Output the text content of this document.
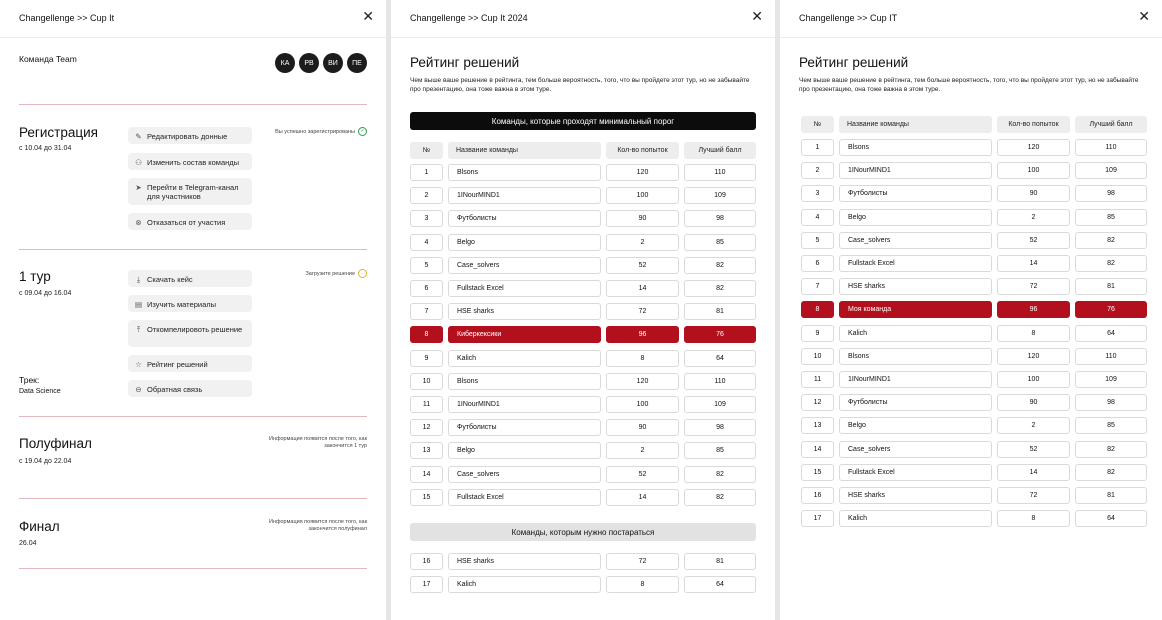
Changellenge >> Cup It	✕
Команда Team	КА	РВ	ВИ	ПЕ
Регистрация
с 10.04 до 31.04
Вы успешно зарегистрированы ✓
✎ Редактировать донные
⚇ Изменить состав команды
➤ Перейти в Telegram-канал для участников
⊗ Отказаться от участия
1 тур
с 09.04 до 16.04
Загрузите решение …
⤓ Скачать кейс
▤ Изучить материалы
⤒ Откомпелировоть решение
☆ Рейтинг решений
⊖ Обратная связь
Трек:
Data Science
Полуфинал
с 19.04 до 22.04
Информация появится после того, как закончится 1 тур
Финал
26.04
Информация появится после того, как закончится полуфинал
Changellenge >> Cup It 2024	✕
Рейтинг решений
Чем выше ваше решение в рейтинга, тем больше вероятность, того, что вы пройдете этот тур, но не забывайте про презентацию, она тоже важна в этом туре.
Команды, которые проходят минимальный порог
№	Название команды	Кол-во попыток	Лучший балл
1	Blsons	120	110
2	1INourMIND1	100	109
3	Футболисты	90	98
4	Belgo	2	85
5	Case_solvers	52	82
6	Fullstack Excel	14	82
7	HSE sharks	72	81
8	Киберкексики	96	76
9	Kalich	8	64
10	Blsons	120	110
11	1INourMIND1	100	109
12	Футболисты	90	98
13	Belgo	2	85
14	Case_solvers	52	82
15	Fullstack Excel	14	82
Команды, которым нужно постараться
16	HSE sharks	72	81
17	Kalich	8	64
Changellenge >> Cup IT	✕
Рейтинг решений
Чем выше ваше решение в рейтинга, тем больше вероятность, того, что вы пройдете этот тур, но не забывайте про презентацию, она тоже важна в этом туре.
№	Название команды	Кол-во попыток	Лучший балл
1	Blsons	120	110
2	1INourMIND1	100	109
3	Футболисты	90	98
4	Belgo	2	85
5	Case_solvers	52	82
6	Fullstack Excel	14	82
7	HSE sharks	72	81
8	Моя команда	96	76
9	Kalich	8	64
10	Blsons	120	110
11	1INourMIND1	100	109
12	Футболисты	90	98
13	Belgo	2	85
14	Case_solvers	52	82
15	Fullstack Excel	14	82
16	HSE sharks	72	81
17	Kalich	8	64
